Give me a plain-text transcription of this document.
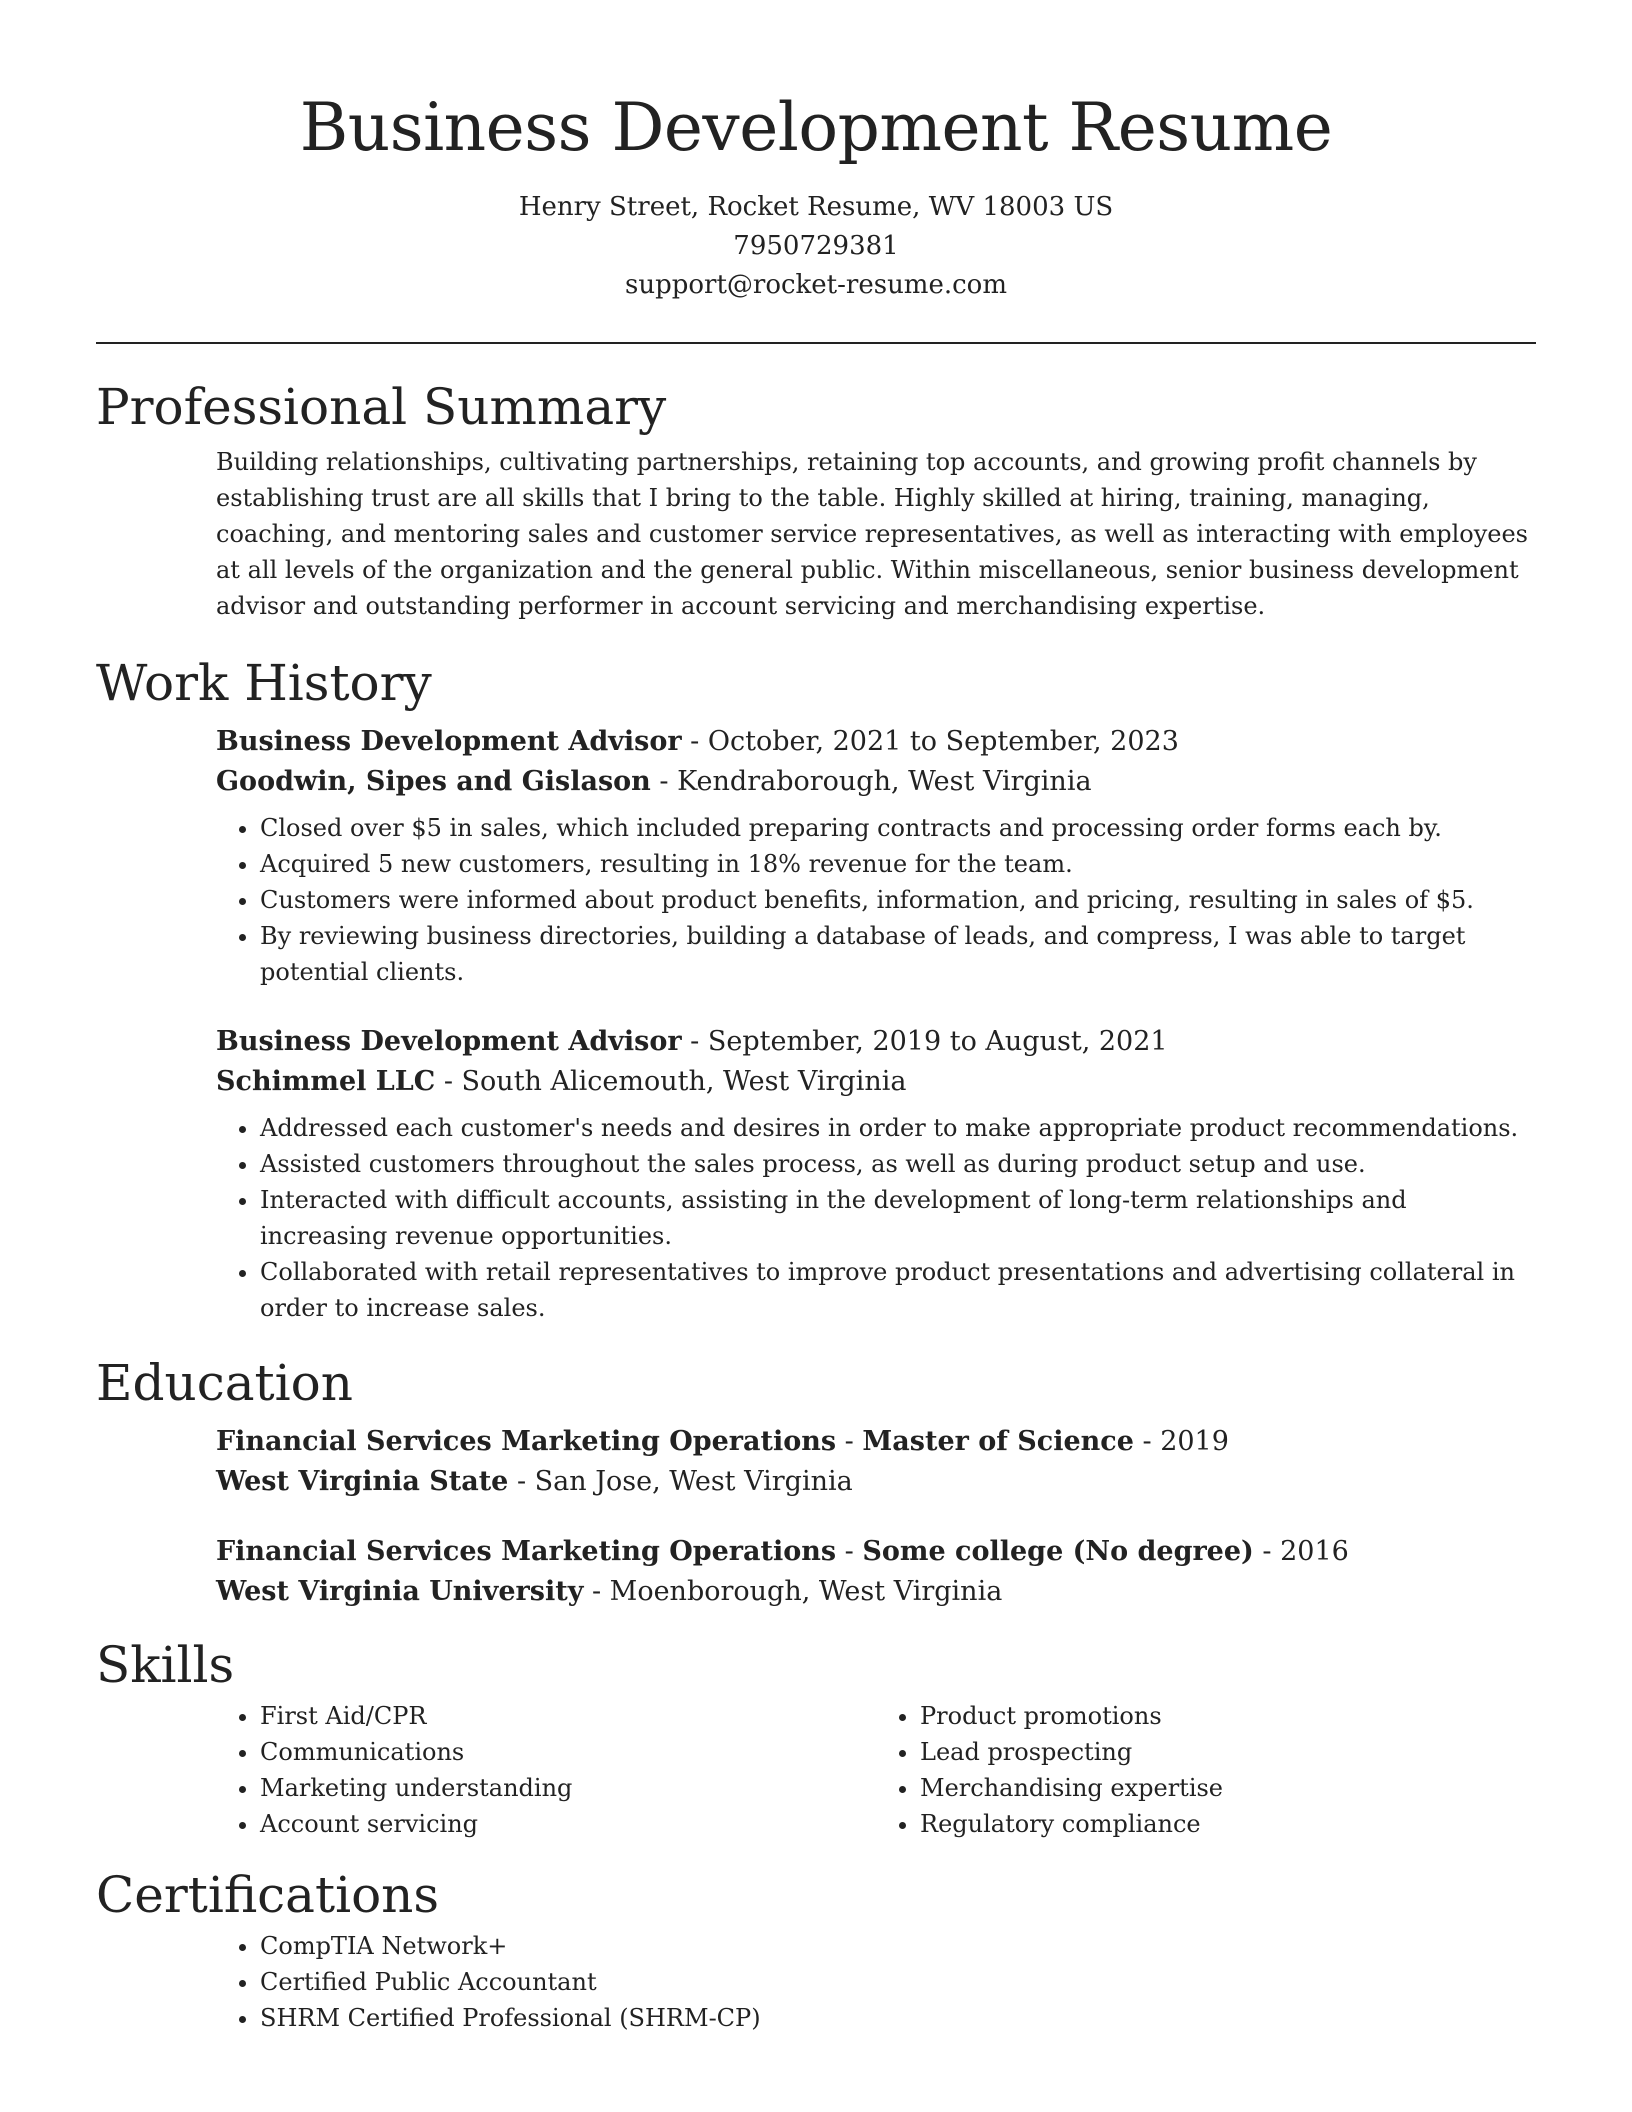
Business Development Resume
Henry Street, Rocket Resume, WV 18003 US
7950729381
support@rocket-resume.com
Professional Summary

Building relationships, cultivating partnerships, retaining top accounts, and growing profit channels by establishing trust are all skills that I bring to the table. Highly skilled at hiring, training, managing, coaching, and mentoring sales and customer service representatives, as well as interacting with employees at all levels of the organization and the general public. Within miscellaneous, senior business development advisor and outstanding performer in account servicing and merchandising expertise.

Work History
Business Development Advisor - October, 2021 to September, 2023
Goodwin, Sipes and Gislason - Kendraborough, West Virginia
• Closed over $5 in sales, which included preparing contracts and processing order forms each by.
• Acquired 5 new customers, resulting in 18% revenue for the team.
• Customers were informed about product benefits, information, and pricing, resulting in sales of $5.
• By reviewing business directories, building a database of leads, and compress, I was able to target potential clients.
Business Development Advisor - September, 2019 to August, 2021
Schimmel LLC - South Alicemouth, West Virginia
• Addressed each customer's needs and desires in order to make appropriate product recommendations.
• Assisted customers throughout the sales process, as well as during product setup and use.
• Interacted with difficult accounts, assisting in the development of long-term relationships and increasing revenue opportunities.
• Collaborated with retail representatives to improve product presentations and advertising collateral in order to increase sales.
Education
Financial Services Marketing Operations - Master of Science - 2019
West Virginia State - San Jose, West Virginia
Financial Services Marketing Operations - Some college (No degree) - 2016
West Virginia University - Moenborough, West Virginia
Skills
• First Aid/CPR
• Communications
• Marketing understanding
• Account servicing
• Product promotions
• Lead prospecting
• Merchandising expertise
• Regulatory compliance
Certifications
• CompTIA Network+
• Certified Public Accountant
• SHRM Certified Professional (SHRM-CP)
